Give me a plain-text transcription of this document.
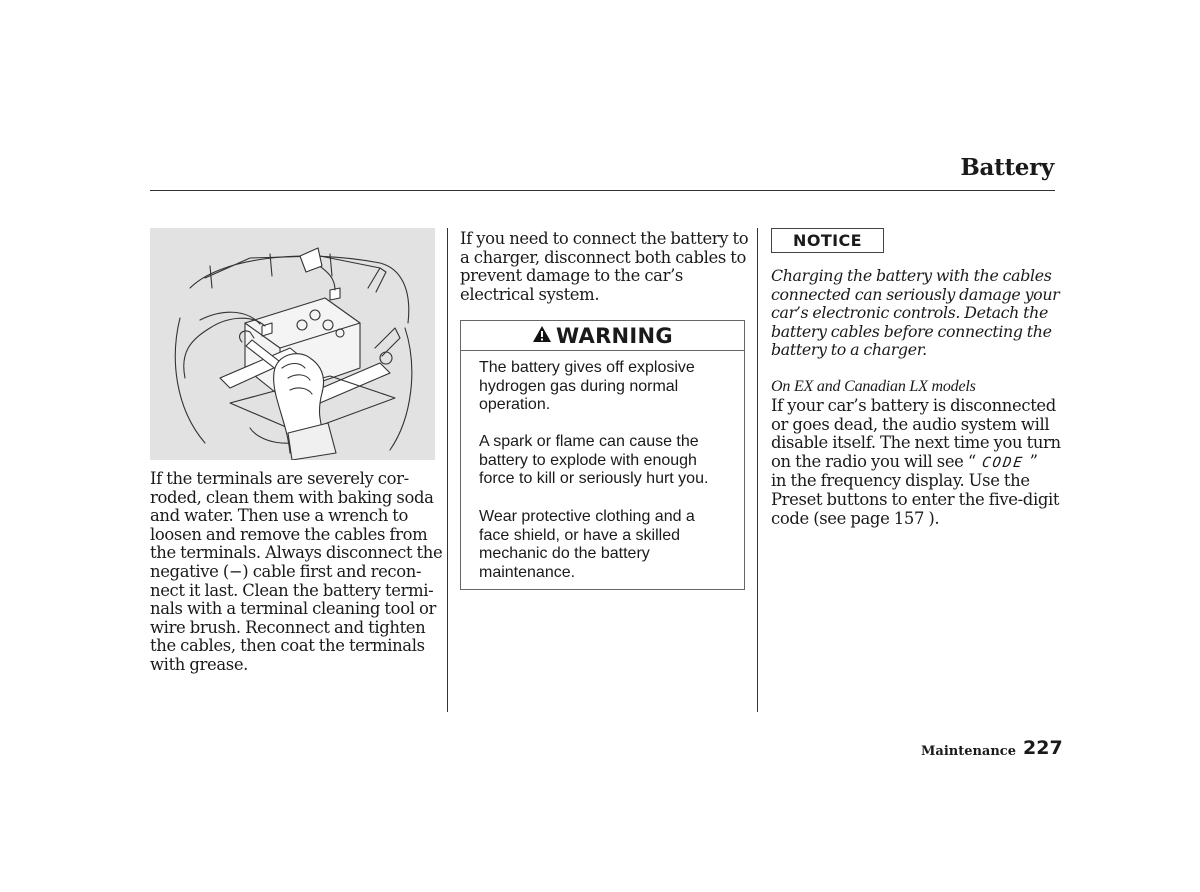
Battery

If the terminals are severely cor-
roded, clean them with baking soda
and water. Then use a wrench to
loosen and remove the cables from
the terminals. Always disconnect the
negative (−) cable first and recon-
nect it last. Clean the battery termi-
nals with a terminal cleaning tool or
wire brush. Reconnect and tighten
the cables, then coat the terminals
with grease.

If you need to connect the battery to
a charger, disconnect both cables to
prevent damage to the car’s
electrical system.

WARNING

The battery gives off explosive
hydrogen gas during normal
operation.

A spark or flame can cause the
battery to explode with enough
force to kill or seriously hurt you.

Wear protective clothing and a
face shield, or have a skilled
mechanic do the battery
maintenance.

NOTICE

Charging the battery with the cables
connected can seriously damage your
car’s electronic controls. Detach the
battery cables before connecting the
battery to a charger.

On EX and Canadian LX models

If your car’s battery is disconnected
or goes dead, the audio system will
disable itself. The next time you turn
on the radio you will see “ CODE ”
in the frequency display. Use the
Preset buttons to enter the five-digit
code (see page 157 ).

Maintenance 227
